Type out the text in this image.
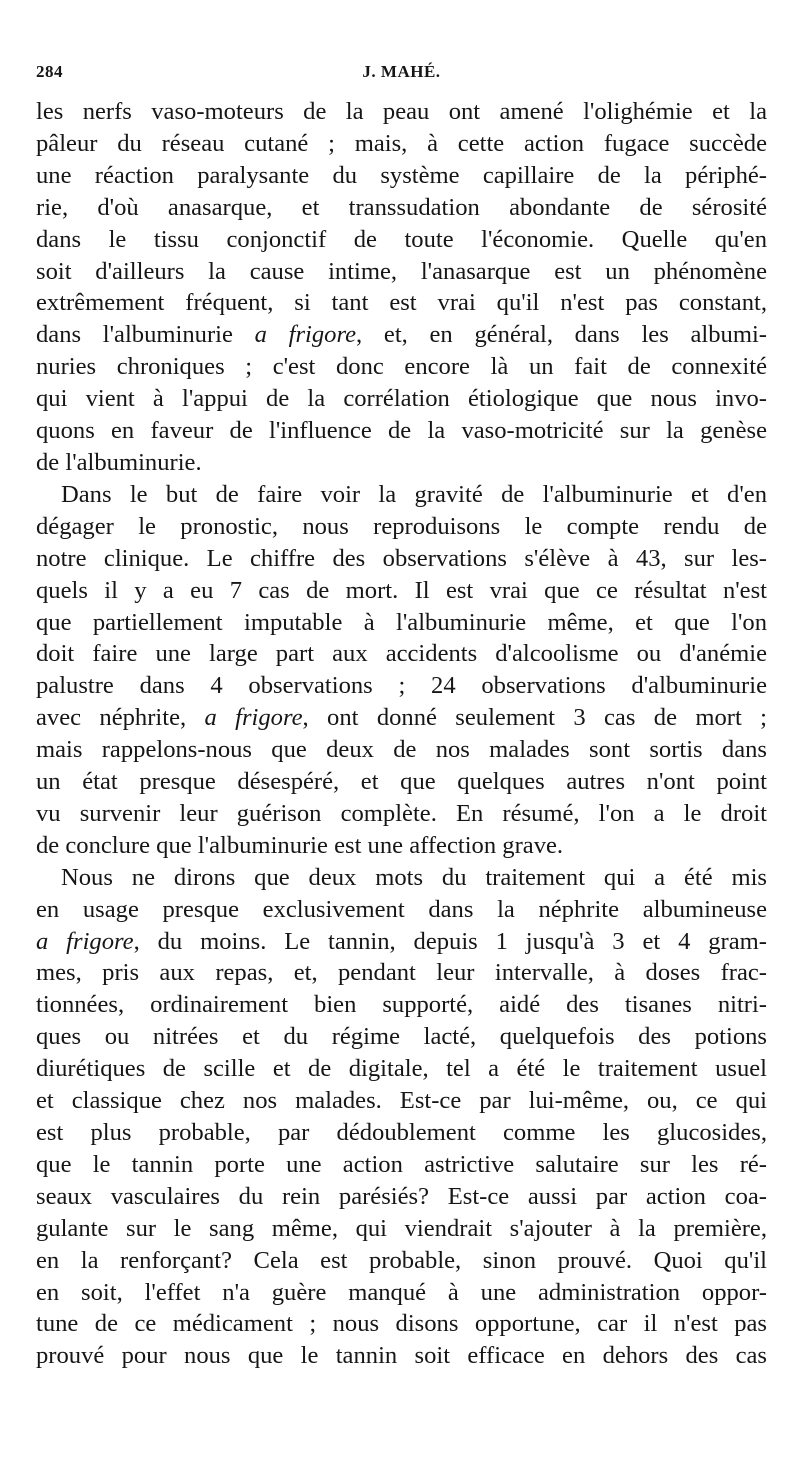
284	J. MAHÉ.

les nerfs vaso-moteurs de la peau ont amené l'olighémie et la
pâleur du réseau cutané ; mais, à cette action fugace succède
une réaction paralysante du système capillaire de la périphé-
rie, d'où anasarque, et transsudation abondante de sérosité
dans le tissu conjonctif de toute l'économie. Quelle qu'en
soit d'ailleurs la cause intime, l'anasarque est un phénomène
extrêmement fréquent, si tant est vrai qu'il n'est pas constant,
dans l'albuminurie a frigore, et, en général, dans les albumi-
nuries chroniques ; c'est donc encore là un fait de connexité
qui vient à l'appui de la corrélation étiologique que nous invo-
quons en faveur de l'influence de la vaso-motricité sur la genèse
de l'albuminurie.

Dans le but de faire voir la gravité de l'albuminurie et d'en
dégager le pronostic, nous reproduisons le compte rendu de
notre clinique. Le chiffre des observations s'élève à 43, sur les-
quels il y a eu 7 cas de mort. Il est vrai que ce résultat n'est
que partiellement imputable à l'albuminurie même, et que l'on
doit faire une large part aux accidents d'alcoolisme ou d'anémie
palustre dans 4 observations ; 24 observations d'albuminurie
avec néphrite, a frigore, ont donné seulement 3 cas de mort ;
mais rappelons-nous que deux de nos malades sont sortis dans
un état presque désespéré, et que quelques autres n'ont point
vu survenir leur guérison complète. En résumé, l'on a le droit
de conclure que l'albuminurie est une affection grave.

Nous ne dirons que deux mots du traitement qui a été mis
en usage presque exclusivement dans la néphrite albumineuse
a frigore, du moins. Le tannin, depuis 1 jusqu'à 3 et 4 gram-
mes, pris aux repas, et, pendant leur intervalle, à doses frac-
tionnées, ordinairement bien supporté, aidé des tisanes nitri-
ques ou nitrées et du régime lacté, quelquefois des potions
diurétiques de scille et de digitale, tel a été le traitement usuel
et classique chez nos malades. Est-ce par lui-même, ou, ce qui
est plus probable, par dédoublement comme les glucosides,
que le tannin porte une action astrictive salutaire sur les ré-
seaux vasculaires du rein parésiés? Est-ce aussi par action coa-
gulante sur le sang même, qui viendrait s'ajouter à la première,
en la renforçant? Cela est probable, sinon prouvé. Quoi qu'il
en soit, l'effet n'a guère manqué à une administration oppor-
tune de ce médicament ; nous disons opportune, car il n'est pas
prouvé pour nous que le tannin soit efficace en dehors des cas
